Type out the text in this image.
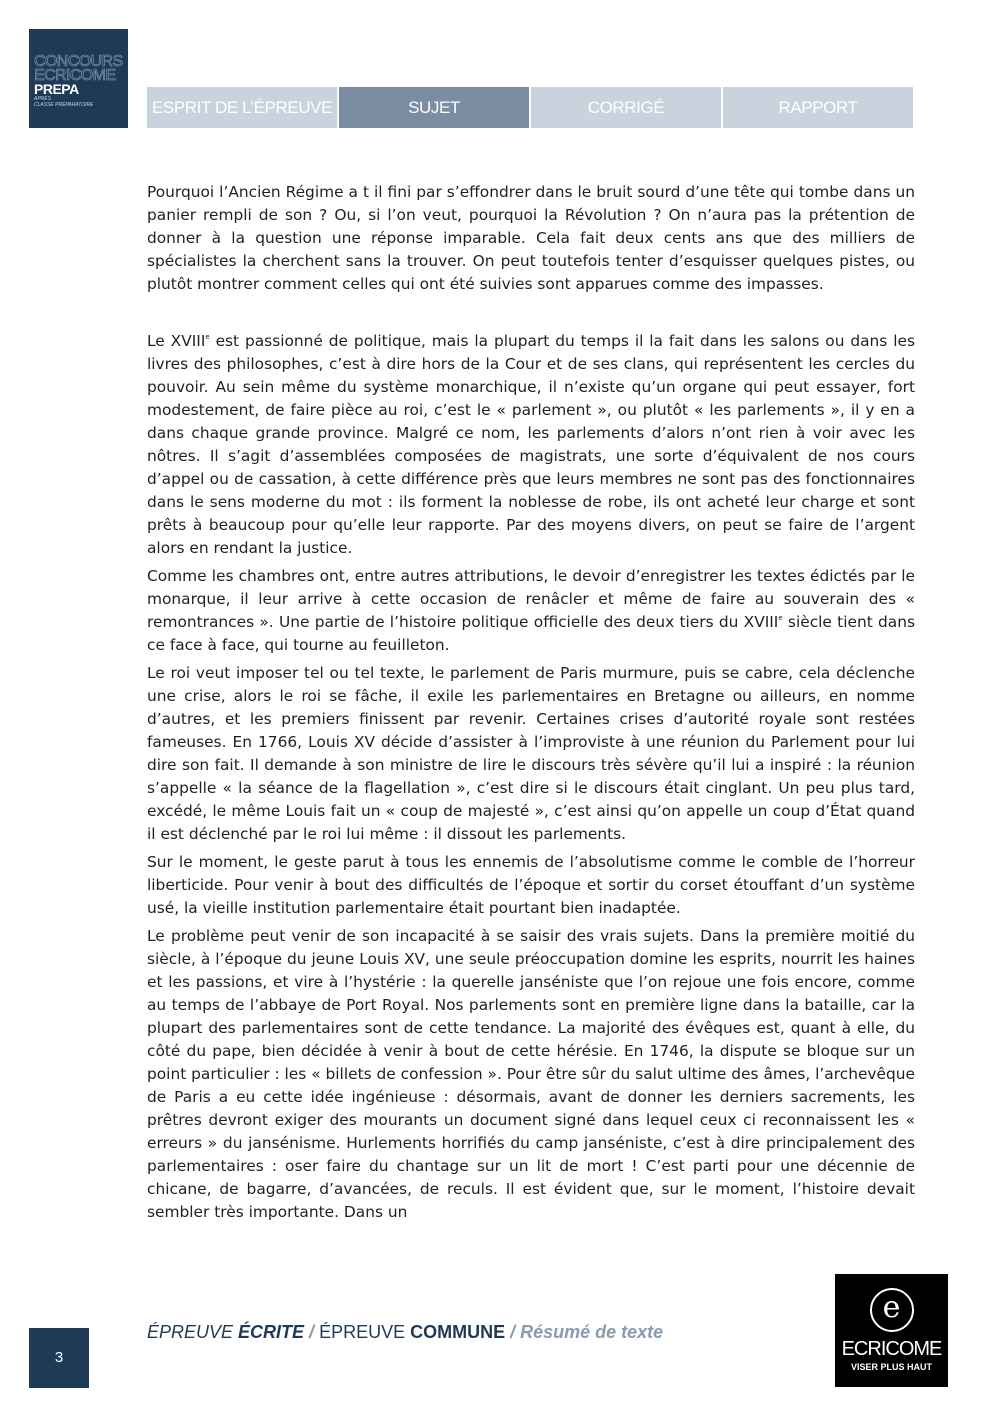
CONCOURS
ECRICOME
PREPA
APRÈS
CLASSE PRÉPARATOIRE	ESPRIT DE L’ÉPREUVE	SUJET	CORRIGÉ	RAPPORT

Pourquoi l’Ancien Régime a t il fini par s’effondrer dans le bruit sourd d’une tête qui tombe dans un panier rempli de son ? Ou, si l’on veut, pourquoi la Révolution ? On n’aura pas la prétention de donner à la question une réponse imparable. Cela fait deux cents ans que des milliers de spécialistes la cherchent sans la trouver. On peut toutefois tenter d’esquisser quelques pistes, ou plutôt montrer comment celles qui ont été suivies sont apparues comme des impasses.

Le XVIIIe est passionné de politique, mais la plupart du temps il la fait dans les salons ou dans les livres des philosophes, c’est à dire hors de la Cour et de ses clans, qui représentent les cercles du pouvoir. Au sein même du système monarchique, il n’existe qu’un organe qui peut essayer, fort modestement, de faire pièce au roi, c’est le « parlement », ou plutôt « les parlements », il y en a dans chaque grande province. Malgré ce nom, les parlements d’alors n’ont rien à voir avec les nôtres. Il s’agit d’assemblées composées de magistrats, une sorte d’équivalent de nos cours d’appel ou de cassation, à cette différence près que leurs membres ne sont pas des fonctionnaires dans le sens moderne du mot : ils forment la noblesse de robe, ils ont acheté leur charge et sont prêts à beaucoup pour qu’elle leur rapporte. Par des moyens divers, on peut se faire de l’argent alors en rendant la justice.

Comme les chambres ont, entre autres attributions, le devoir d’enregistrer les textes édictés par le monarque, il leur arrive à cette occasion de renâcler et même de faire au souverain des « remontrances ». Une partie de l’histoire politique officielle des deux tiers du XVIIIe siècle tient dans ce face à face, qui tourne au feuilleton.

Le roi veut imposer tel ou tel texte, le parlement de Paris murmure, puis se cabre, cela déclenche une crise, alors le roi se fâche, il exile les parlementaires en Bretagne ou ailleurs, en nomme d’autres, et les premiers finissent par revenir. Certaines crises d’autorité royale sont restées fameuses. En 1766, Louis XV décide d’assister à l’improviste à une réunion du Parlement pour lui dire son fait. Il demande à son ministre de lire le discours très sévère qu’il lui a inspiré : la réunion s’appelle « la séance de la flagellation », c’est dire si le discours était cinglant. Un peu plus tard, excédé, le même Louis fait un « coup de majesté », c’est ainsi qu’on appelle un coup d’État quand il est déclenché par le roi lui même : il dissout les parlements.

Sur le moment, le geste parut à tous les ennemis de l’absolutisme comme le comble de l’horreur liberticide. Pour venir à bout des difficultés de l’époque et sortir du corset étouffant d’un système usé, la vieille institution parlementaire était pourtant bien inadaptée.

Le problème peut venir de son incapacité à se saisir des vrais sujets. Dans la première moitié du siècle, à l’époque du jeune Louis XV, une seule préoccupation domine les esprits, nourrit les haines et les passions, et vire à l’hystérie : la querelle janséniste que l’on rejoue une fois encore, comme au temps de l’abbaye de Port Royal. Nos parlements sont en première ligne dans la bataille, car la plupart des parlementaires sont de cette tendance. La majorité des évêques est, quant à elle, du côté du pape, bien décidée à venir à bout de cette hérésie. En 1746, la dispute se bloque sur un point particulier : les « billets de confession ». Pour être sûr du salut ultime des âmes, l’archevêque de Paris a eu cette idée ingénieuse : désormais, avant de donner les derniers sacrements, les prêtres devront exiger des mourants un document signé dans lequel ceux ci reconnaissent les « erreurs » du jansénisme. Hurlements horrifiés du camp janséniste, c’est à dire principalement des parlementaires : oser faire du chantage sur un lit de mort ! C’est parti pour une décennie de chicane, de bagarre, d’avancées, de reculs. Il est évident que, sur le moment, l’histoire devait sembler très importante. Dans un

3
ÉPREUVE ÉCRITE / ÉPREUVE COMMUNE / Résumé de texte
e
ECRICOME
VISER PLUS HAUT
